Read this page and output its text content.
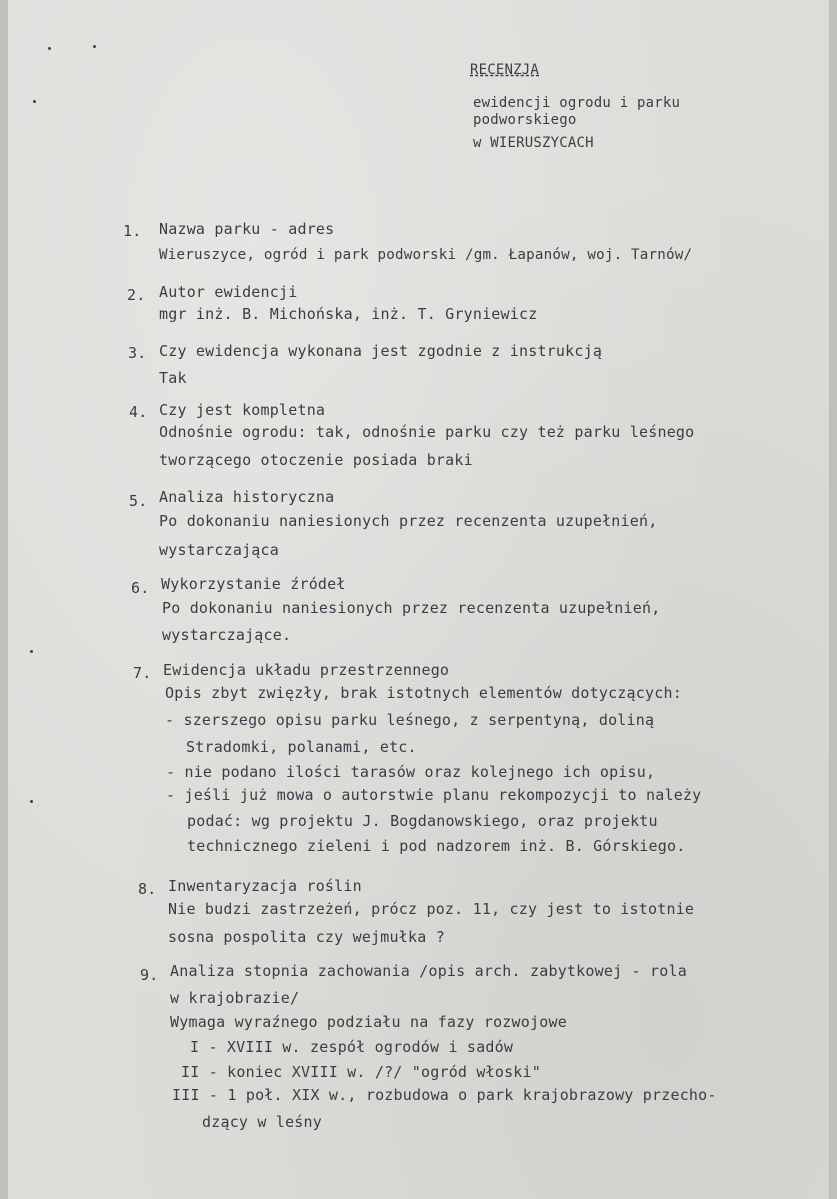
RECENZJA
ewidencji ogrodu i parku
podworskiego
w WIERUSZYCACH
1. Nazwa parku - adres
Wieruszyce, ogród i park podworski /gm. Łapanów, woj. Tarnów/
2. Autor ewidencji
mgr inż. B. Michońska, inż. T. Gryniewicz
3. Czy ewidencja wykonana jest zgodnie z instrukcją
Tak
4. Czy jest kompletna
Odnośnie ogrodu: tak, odnośnie parku czy też parku leśnego
tworzącego otoczenie posiada braki
5. Analiza historyczna
Po dokonaniu naniesionych przez recenzenta uzupełnień,
wystarczająca
6. Wykorzystanie źródeł
Po dokonaniu naniesionych przez recenzenta uzupełnień,
wystarczające.
7. Ewidencja układu przestrzennego
Opis zbyt zwięzły, brak istotnych elementów dotyczących:
- szerszego opisu parku leśnego, z serpentyną, doliną
Stradomki, polanami, etc.
- nie podano ilości tarasów oraz kolejnego ich opisu,
- jeśli już mowa o autorstwie planu rekompozycji to należy
podać: wg projektu J. Bogdanowskiego, oraz projektu
technicznego zieleni i pod nadzorem inż. B. Górskiego.
8. Inwentaryzacja roślin
Nie budzi zastrzeżeń, prócz poz. 11, czy jest to istotnie
sosna pospolita czy wejmułka ?
9. Analiza stopnia zachowania /opis arch. zabytkowej - rola
w krajobrazie/
Wymaga wyraźnego podziału na fazy rozwojowe
I - XVIII w. zespół ogrodów i sadów
II - koniec XVIII w. /?/ "ogród włoski"
III - 1 poł. XIX w., rozbudowa o park krajobrazowy przecho-
dzący w leśny
